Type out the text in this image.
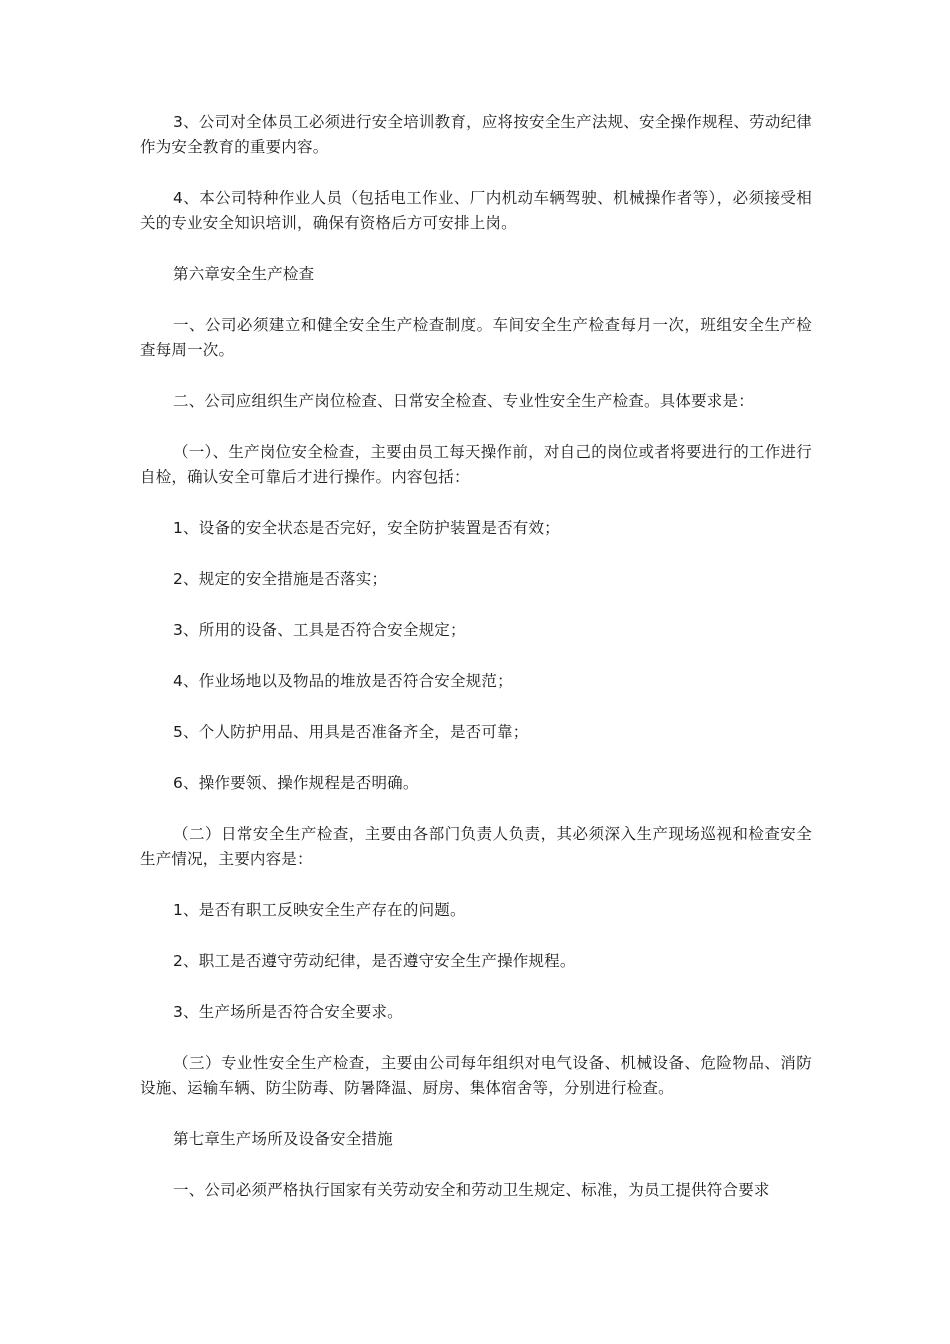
3、公司对全体员工必须进行安全培训教育，应将按安全生产法规、安全操作规程、劳动纪律作为安全教育的重要内容。

4、本公司特种作业人员（包括电工作业、厂内机动车辆驾驶、机械操作者等），必须接受相关的专业安全知识培训，确保有资格后方可安排上岗。

第六章安全生产检查

一、公司必须建立和健全安全生产检查制度。车间安全生产检查每月一次，班组安全生产检查每周一次。

二、公司应组织生产岗位检查、日常安全检查、专业性安全生产检查。具体要求是：

（一）、生产岗位安全检查，主要由员工每天操作前，对自己的岗位或者将要进行的工作进行自检，确认安全可靠后才进行操作。内容包括：

1、设备的安全状态是否完好，安全防护装置是否有效；

2、规定的安全措施是否落实；

3、所用的设备、工具是否符合安全规定；

4、作业场地以及物品的堆放是否符合安全规范；

5、个人防护用品、用具是否准备齐全，是否可靠；

6、操作要领、操作规程是否明确。

（二）日常安全生产检查，主要由各部门负责人负责，其必须深入生产现场巡视和检查安全生产情况，主要内容是：

1、是否有职工反映安全生产存在的问题。

2、职工是否遵守劳动纪律，是否遵守安全生产操作规程。

3、生产场所是否符合安全要求。

（三）专业性安全生产检查，主要由公司每年组织对电气设备、机械设备、危险物品、消防设施、运输车辆、防尘防毒、防暑降温、厨房、集体宿舍等，分别进行检查。

第七章生产场所及设备安全措施

一、公司必须严格执行国家有关劳动安全和劳动卫生规定、标准，为员工提供符合要求
